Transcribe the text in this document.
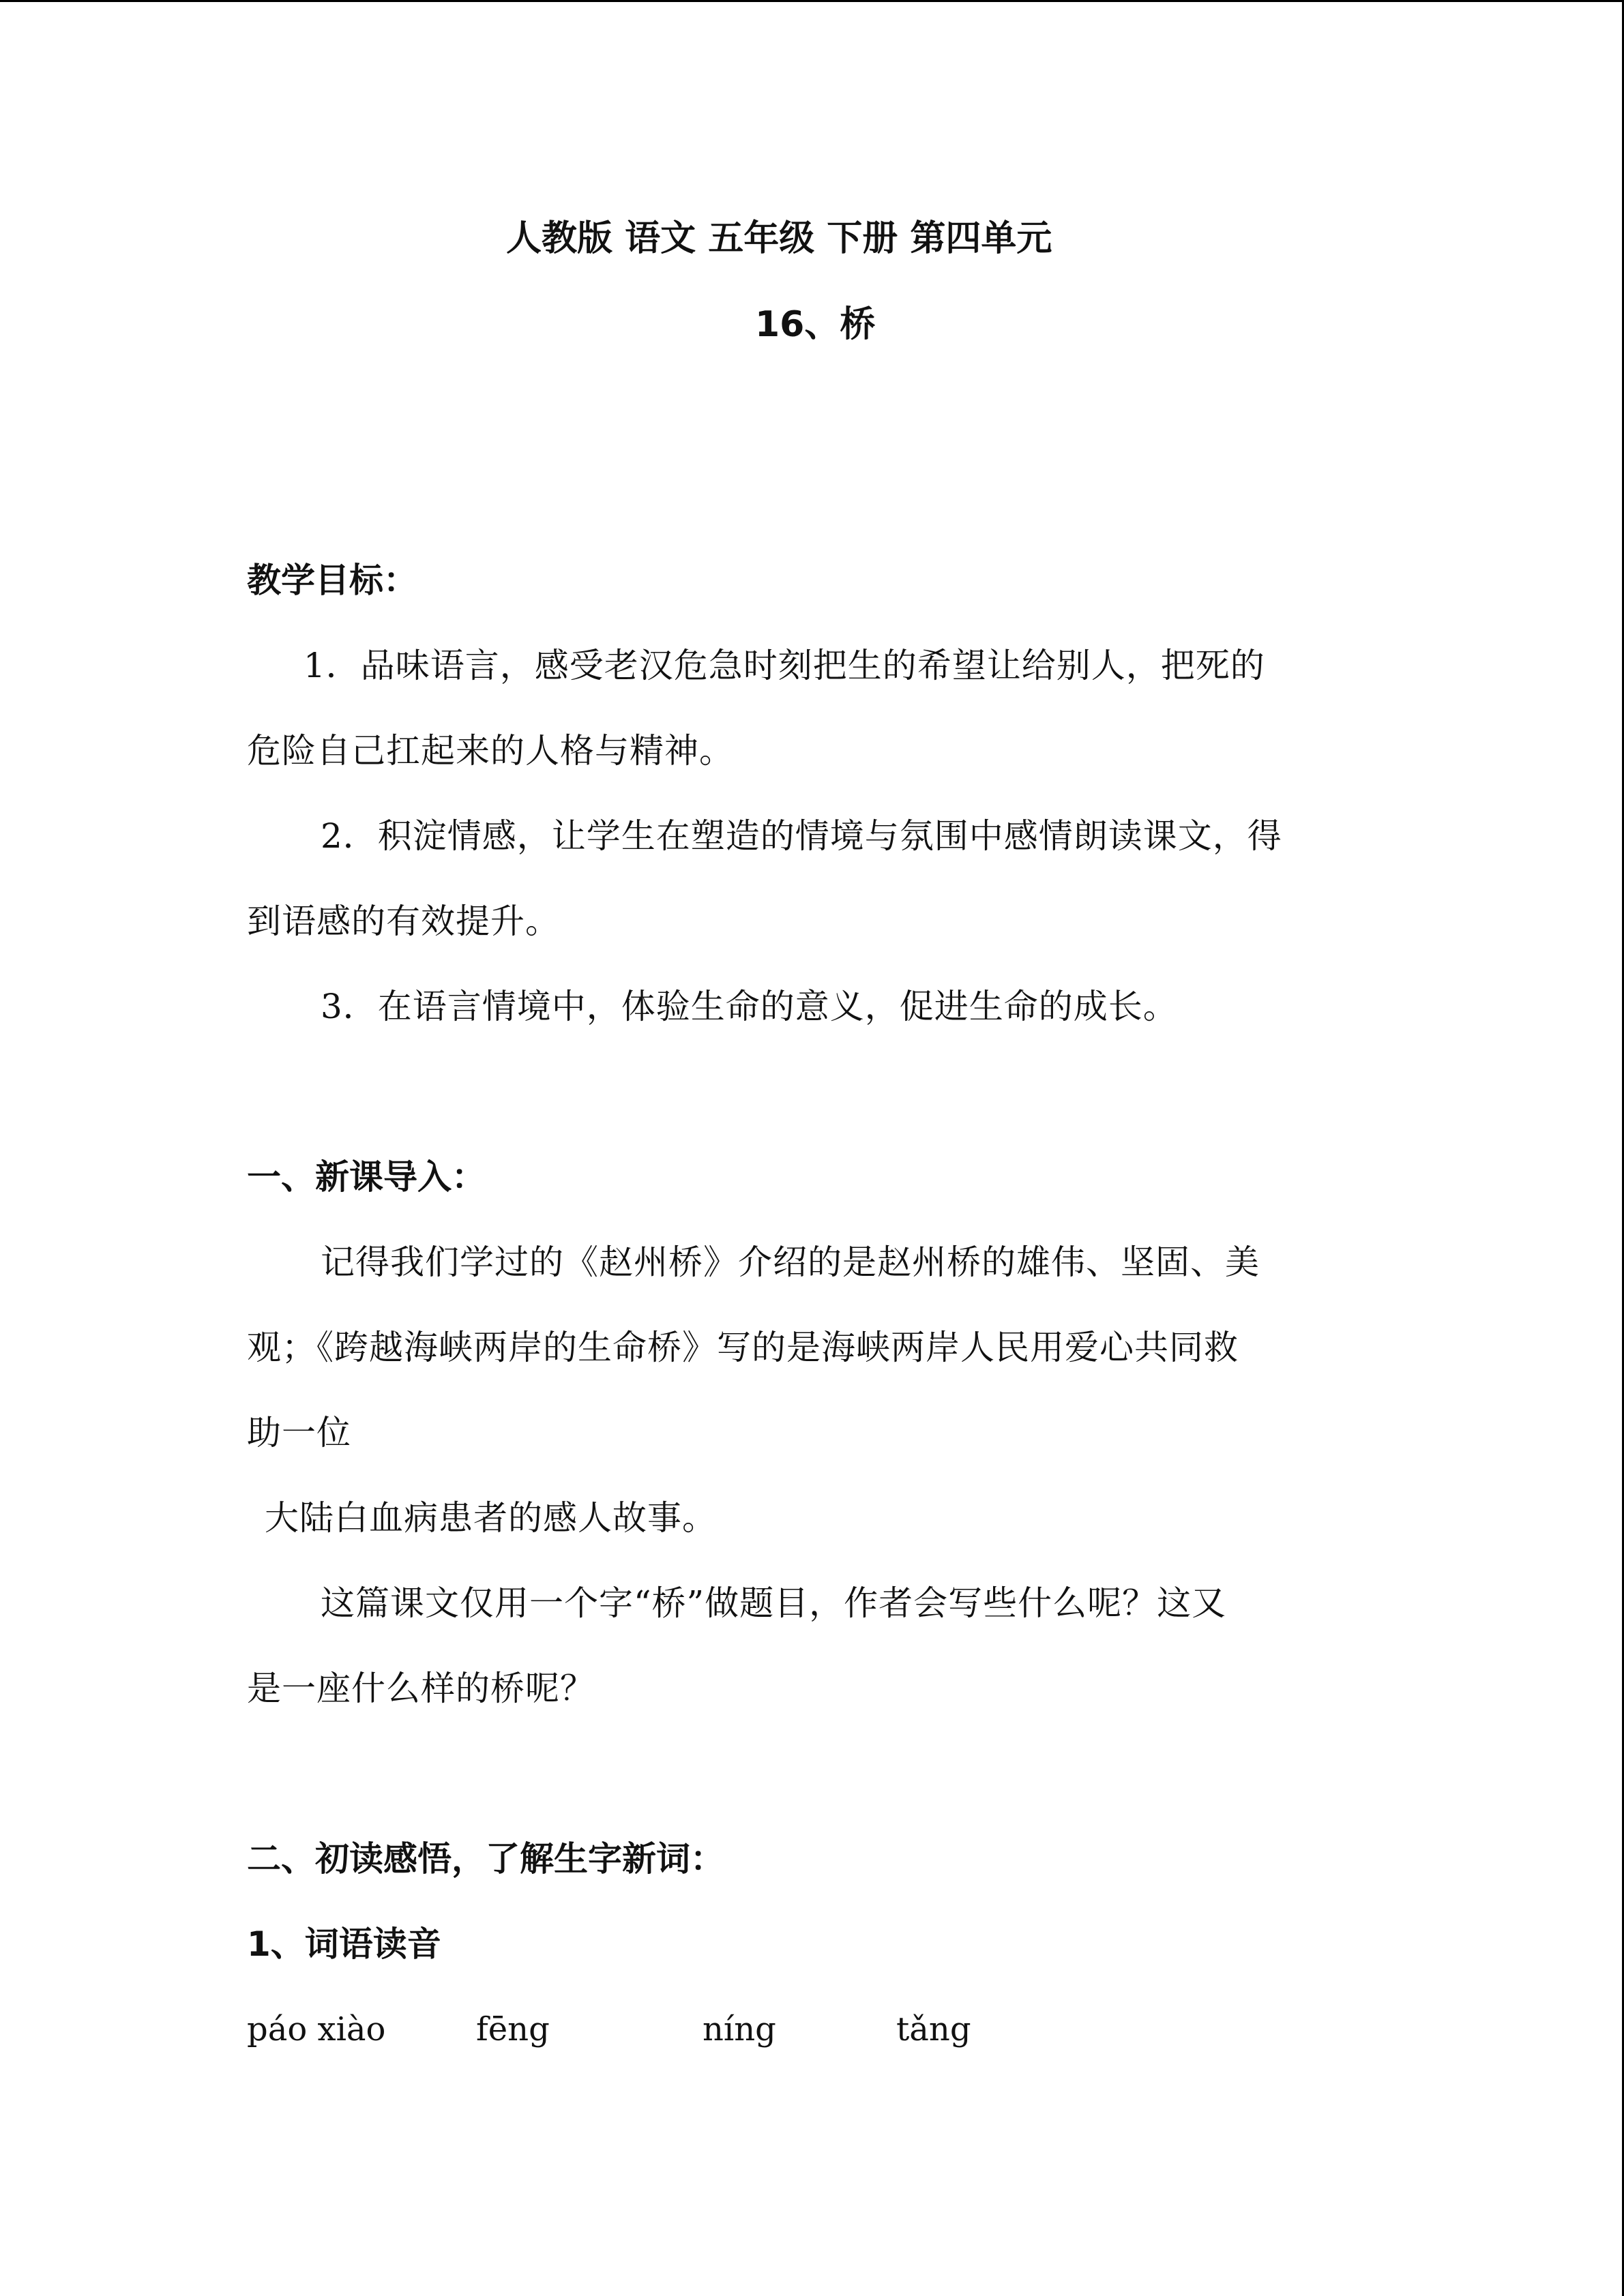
人教版 语文 五年级 下册 第四单元
16、桥
教学目标：
1．品味语言，感受老汉危急时刻把生的希望让给别人，把死的
危险自己扛起来的人格与精神。
2．积淀情感，让学生在塑造的情境与氛围中感情朗读课文，得
到语感的有效提升。
3．在语言情境中，体验生命的意义，促进生命的成长。
一、新课导入：
记得我们学过的《赵州桥》介绍的是赵州桥的雄伟、坚固、美
观；《跨越海峡两岸的生命桥》写的是海峡两岸人民用爱心共同救
助一位
大陆白血病患者的感人故事。
这篇课文仅用一个字“桥”做题目，作者会写些什么呢？这又
是一座什么样的桥呢？
二、初读感悟，了解生字新词：
1、词语读音
páo xiào	fēng	níng	tǎng
